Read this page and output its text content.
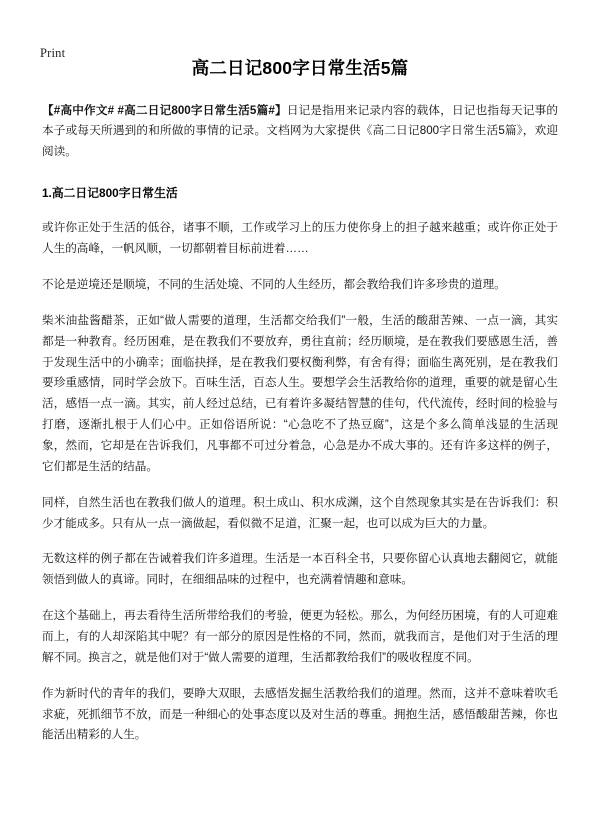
Print
高二日记800字日常生活5篇

【#高中作文# #高二日记800字日常生活5篇#】日记是指用来记录内容的载体，日记也指每天记事的本子或每天所遇到的和所做的事情的记录。文档网为大家提供《高二日记800字日常生活5篇》，欢迎阅读。

1.高二日记800字日常生活

或许你正处于生活的低谷，诸事不顺，工作或学习上的压力使你身上的担子越来越重；或许你正处于人生的高峰，一帆风顺，一切都朝着目标前进着……

不论是逆境还是顺境，不同的生活处境、不同的人生经历，都会教给我们许多珍贵的道理。

柴米油盐酱醋茶，正如“做人需要的道理，生活都交给我们”一般，生活的酸甜苦辣、一点一滴，其实都是一种教育。经历困难，是在教我们不要放弃，勇往直前；经历顺境，是在教我们要感恩生活，善于发现生活中的小确幸；面临抉择，是在教我们要权衡利弊，有舍有得；面临生离死别，是在教我们要珍重感情，同时学会放下。百味生活，百态人生。要想学会生活教给你的道理，重要的就是留心生活，感悟一点一滴。其实，前人经过总结，已有着许多凝结智慧的佳句，代代流传，经时间的检验与打磨，逐渐扎根于人们心中。正如俗语所说：“心急吃不了热豆腐”，这是个多么简单浅显的生活现象，然而，它却是在告诉我们，凡事都不可过分着急，心急是办不成大事的。还有许多这样的例子，它们都是生活的结晶。

同样，自然生活也在教我们做人的道理。积土成山、积水成渊，这个自然现象其实是在告诉我们：积少才能成多。只有从一点一滴做起，看似微不足道，汇聚一起，也可以成为巨大的力量。

无数这样的例子都在告诫着我们许多道理。生活是一本百科全书，只要你留心认真地去翻阅它，就能领悟到做人的真谛。同时，在细细品味的过程中，也充满着情趣和意味。

在这个基础上，再去看待生活所带给我们的考验，便更为轻松。那么，为何经历困境，有的人可迎难而上，有的人却深陷其中呢？有一部分的原因是性格的不同，然而，就我而言，是他们对于生活的理解不同。换言之，就是他们对于“做人需要的道理，生活都教给我们”的吸收程度不同。

作为新时代的青年的我们，要睁大双眼，去感悟发掘生活教给我们的道理。然而，这并不意味着吹毛求疵，死抓细节不放，而是一种细心的处事态度以及对生活的尊重。拥抱生活，感悟酸甜苦辣，你也能活出精彩的人生。
